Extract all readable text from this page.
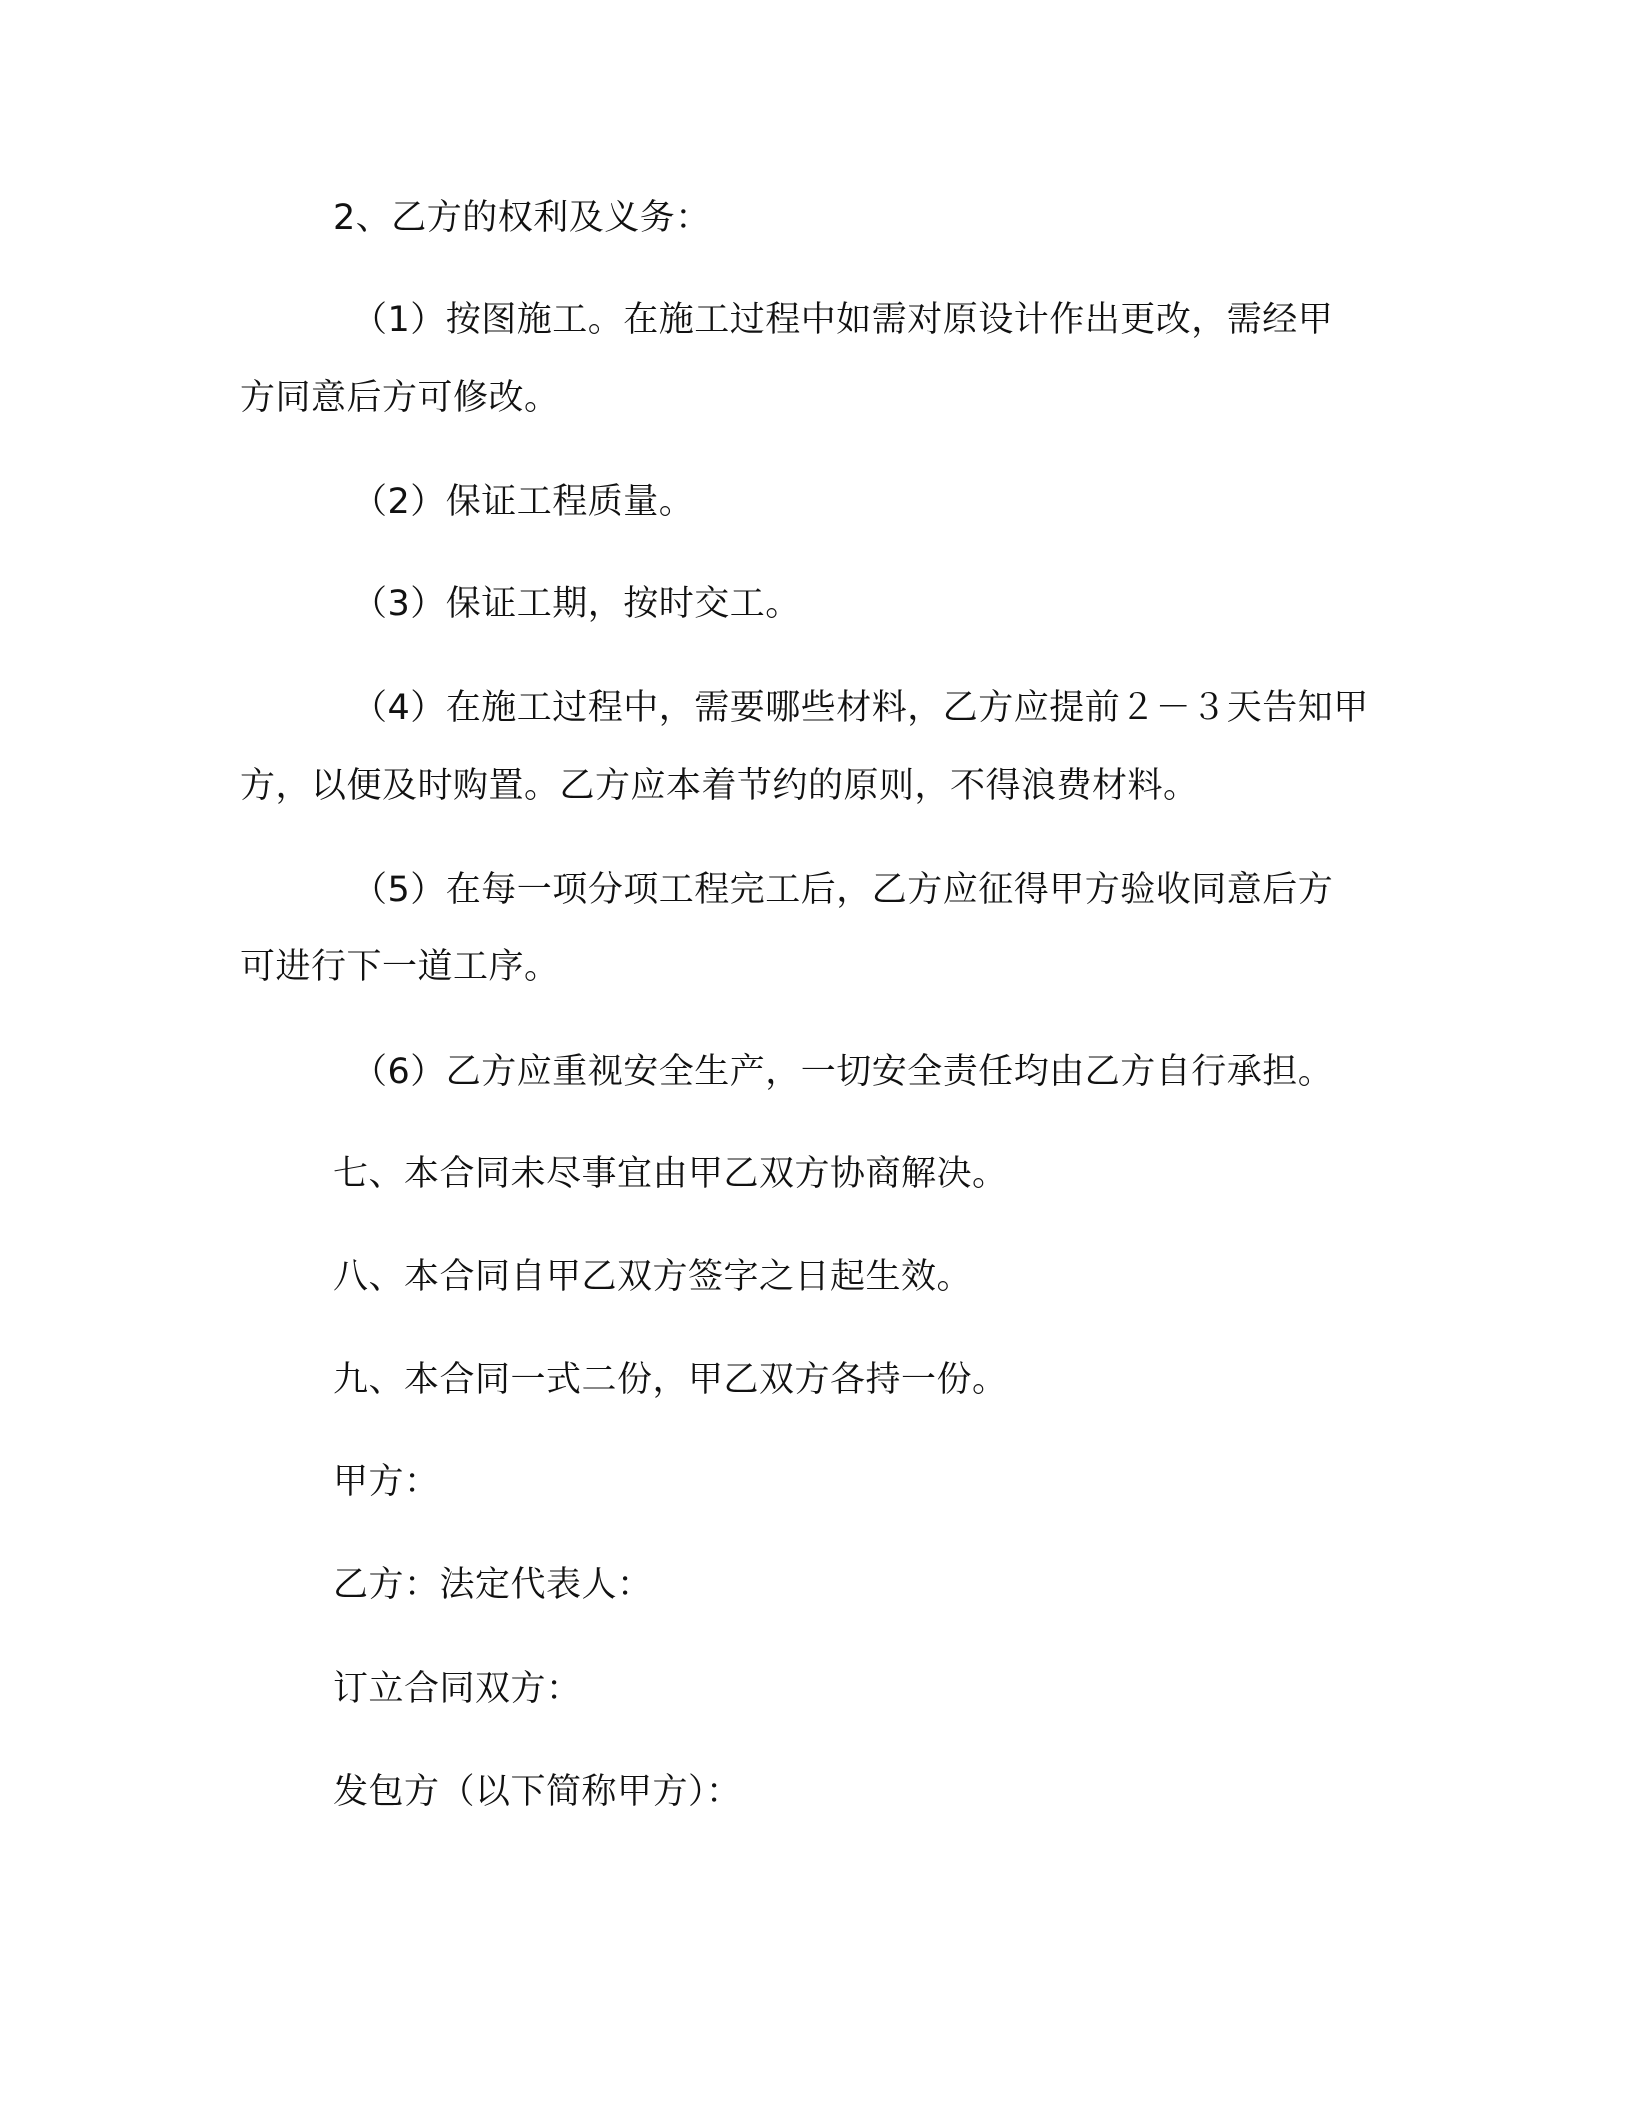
2、乙方的权利及义务：
（1）按图施工。在施工过程中如需对原设计作出更改，需经甲
方同意后方可修改。
（2）保证工程质量。
（3）保证工期，按时交工。
（4）在施工过程中，需要哪些材料，乙方应提前２－３天告知甲
方，以便及时购置。乙方应本着节约的原则，不得浪费材料。
（5）在每一项分项工程完工后，乙方应征得甲方验收同意后方
可进行下一道工序。
（6）乙方应重视安全生产，一切安全责任均由乙方自行承担。
七、本合同未尽事宜由甲乙双方协商解决。
八、本合同自甲乙双方签字之日起生效。
九、本合同一式二份，甲乙双方各持一份。
甲方：
乙方：法定代表人：
订立合同双方：
发包方（以下简称甲方）：
